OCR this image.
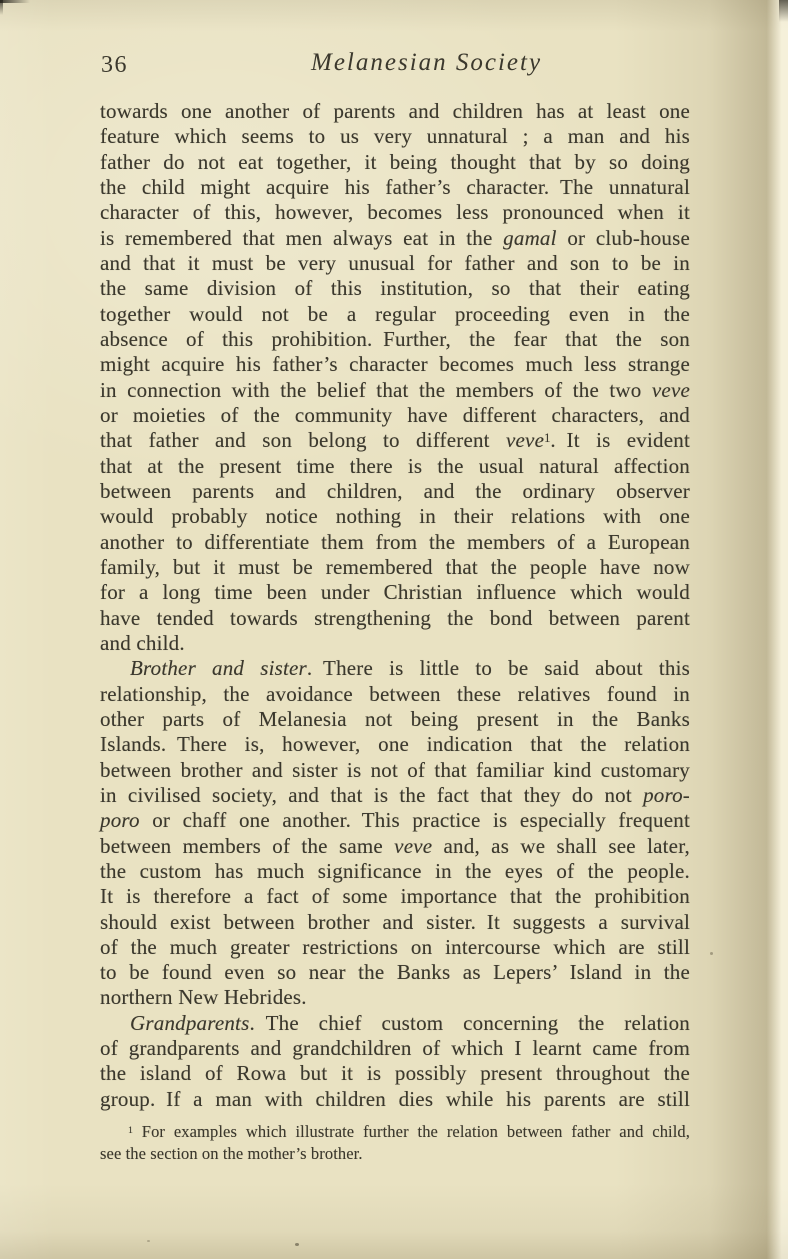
36	Melanesian Society
towards one another of parents and children has at least one
feature which seems to us very unnatural ; a man and his
father do not eat together, it being thought that by so doing
the child might acquire his father’s character. The unnatural
character of this, however, becomes less pronounced when it
is remembered that men always eat in the gamal or club-house
and that it must be very unusual for father and son to be in
the same division of this institution, so that their eating
together would not be a regular proceeding even in the
absence of this prohibition. Further, the fear that the son
might acquire his father’s character becomes much less strange
in connection with the belief that the members of the two veve
or moieties of the community have different characters, and
that father and son belong to different veve$^1$. It is evident
that at the present time there is the usual natural affection
between parents and children, and the ordinary observer
would probably notice nothing in their relations with one
another to differentiate them from the members of a European
family, but it must be remembered that the people have now
for a long time been under Christian influence which would
have tended towards strengthening the bond between parent
and child.
Brother and sister. There is little to be said about this
relationship, the avoidance between these relatives found in
other parts of Melanesia not being present in the Banks
Islands. There is, however, one indication that the relation
between brother and sister is not of that familiar kind customary
in civilised society, and that is the fact that they do not poro-
poro or chaff one another. This practice is especially frequent
between members of the same veve and, as we shall see later,
the custom has much significance in the eyes of the people.
It is therefore a fact of some importance that the prohibition
should exist between brother and sister. It suggests a survival
of the much greater restrictions on intercourse which are still
to be found even so near the Banks as Lepers’ Island in the
northern New Hebrides.
Grandparents. The chief custom concerning the relation
of grandparents and grandchildren of which I learnt came from
the island of Rowa but it is possibly present throughout the
group. If a man with children dies while his parents are still
$^1$ For examples which illustrate further the relation between father and child,
see the section on the mother’s brother.
